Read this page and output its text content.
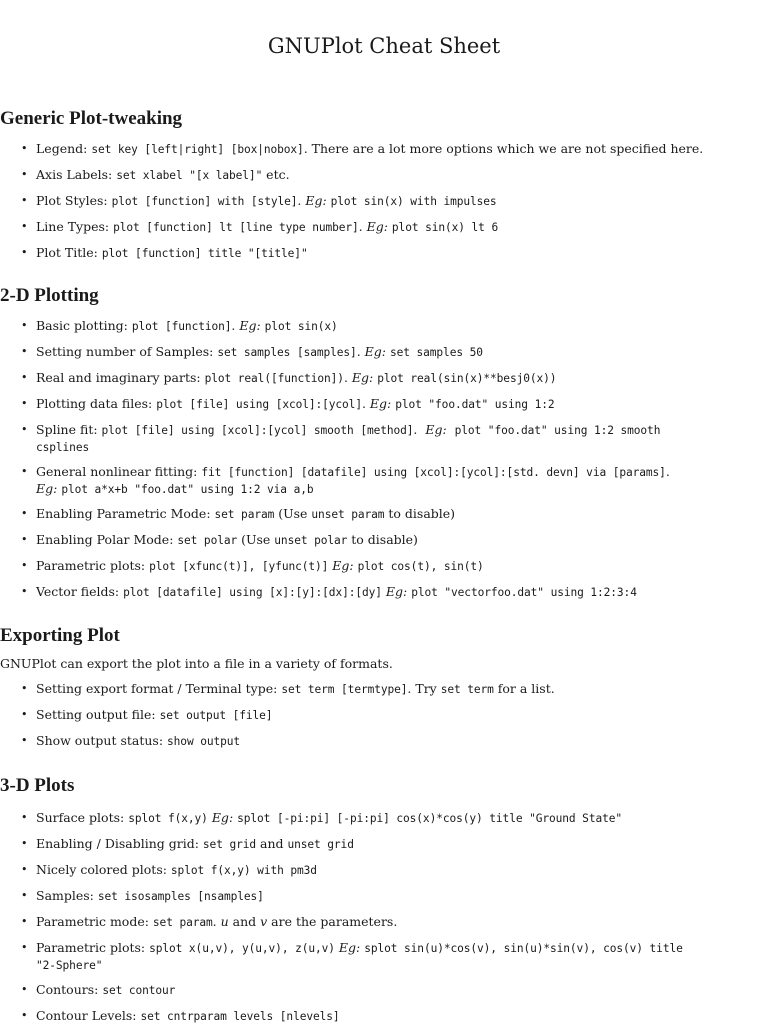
GNUPlot Cheat Sheet
Generic Plot-tweaking
• Legend: set key [left|right] [box|nobox]. There are a lot more options which we are not specified here.
• Axis Labels: set xlabel "[x label]" etc.
• Plot Styles: plot [function] with [style]. Eg: plot sin(x) with impulses
• Line Types: plot [function] lt [line type number]. Eg: plot sin(x) lt 6
• Plot Title: plot [function] title "[title]"
2-D Plotting
• Basic plotting: plot [function]. Eg: plot sin(x)
• Setting number of Samples: set samples [samples]. Eg: set samples 50
• Real and imaginary parts: plot real([function]). Eg: plot real(sin(x)**besj0(x))
• Plotting data files: plot [file] using [xcol]:[ycol]. Eg: plot "foo.dat" using 1:2
• Spline fit: plot [file] using [xcol]:[ycol] smooth [method].  Eg: plot "foo.dat" using 1:2 smooth
csplines
• General nonlinear fitting: fit [function] [datafile] using [xcol]:[ycol]:[std. devn] via [params].
Eg: plot a*x+b "foo.dat" using 1:2 via a,b
• Enabling Parametric Mode: set param (Use unset param to disable)
• Enabling Polar Mode: set polar (Use unset polar to disable)
• Parametric plots: plot [xfunc(t)], [yfunc(t)] Eg: plot cos(t), sin(t)
• Vector fields: plot [datafile] using [x]:[y]:[dx]:[dy] Eg: plot "vectorfoo.dat" using 1:2:3:4
Exporting Plot

GNUPlot can export the plot into a file in a variety of formats.

• Setting export format / Terminal type: set term [termtype]. Try set term for a list.
• Setting output file: set output [file]
• Show output status: show output
3-D Plots
• Surface plots: splot f(x,y) Eg: splot [-pi:pi] [-pi:pi] cos(x)*cos(y) title "Ground State"
• Enabling / Disabling grid: set grid and unset grid
• Nicely colored plots: splot f(x,y) with pm3d
• Samples: set isosamples [nsamples]
• Parametric mode: set param. u and v are the parameters.
• Parametric plots: splot x(u,v), y(u,v), z(u,v) Eg: splot sin(u)*cos(v), sin(u)*sin(v), cos(v) title
"2-Sphere"
• Contours: set contour
• Contour Levels: set cntrparam levels [nlevels]
